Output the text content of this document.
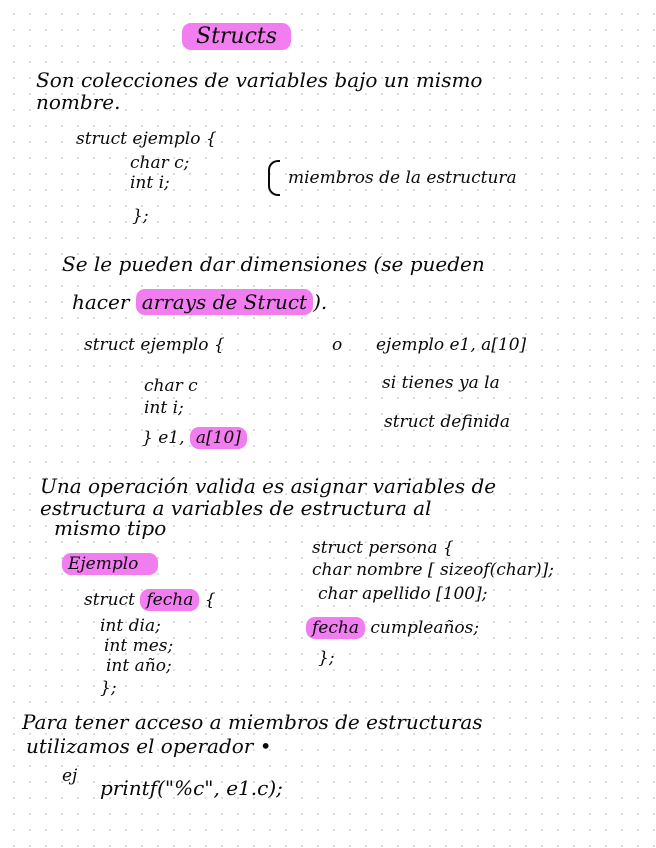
Structs
Son colecciones de variables bajo un mismo
nombre.
struct ejemplo {
char c;
int i;	miembros de la estructura
};
Se le pueden dar dimensiones (se pueden
hacer arrays de Struct ).
struct ejemplo {	o ejemplo e1, a[10]
char c	si tienes ya la
int i;
struct definida
} e1, a[10]
Una operación valida es asignar variables de
estructura a variables de estructura al
mismo tipo
Ejemplo
struct fecha {
int dia;
int mes;
int año;
};
struct persona {
char nombre [ sizeof(char)];
char apellido [100];
fecha cumpleaños;
};
Para tener acceso a miembros de estructuras
utilizamos el operador •
ej printf("%c", e1.c);
